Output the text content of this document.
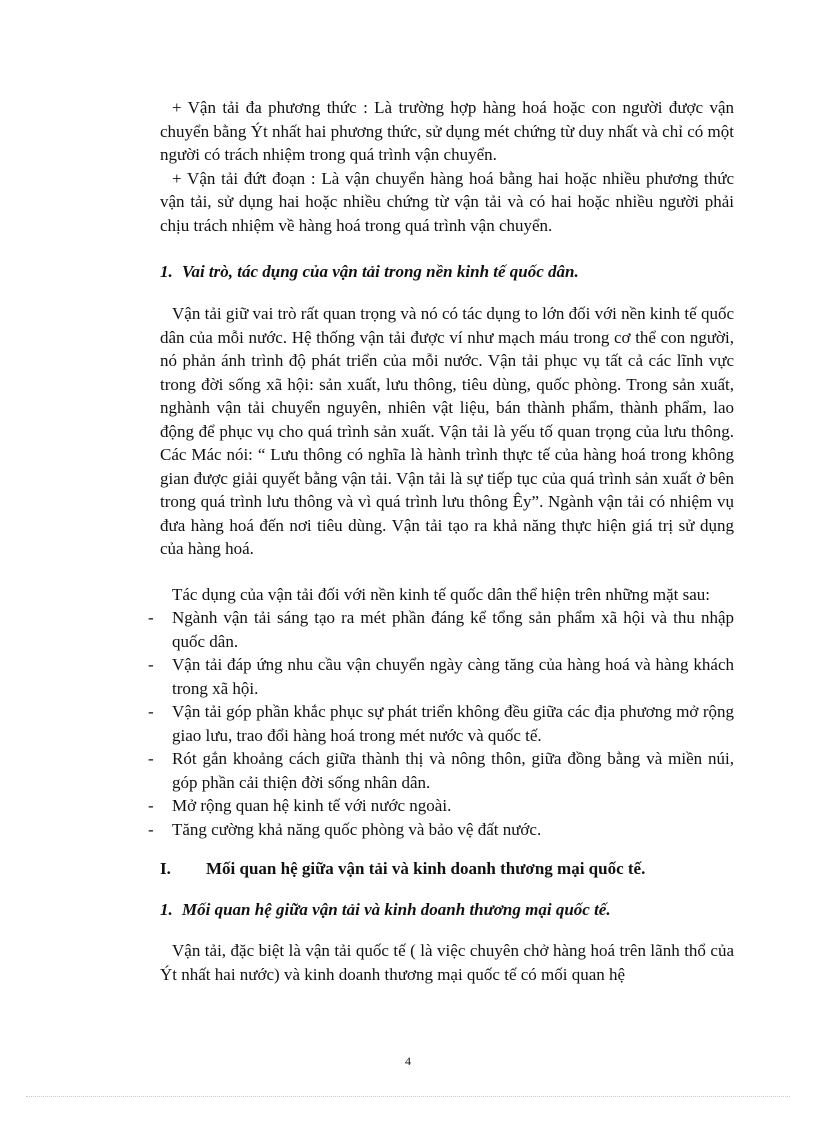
+ Vận tải đa phương thức : Là trường hợp hàng hoá hoặc con người được vận chuyển bằng Ýt nhất hai phương thức, sử dụng mét chứng từ duy nhất và chỉ có một người có trách nhiệm trong quá trình vận chuyển.

+ Vận tải đứt đoạn : Là vận chuyển hàng hoá bằng hai hoặc nhiều phương thức vận tải, sử dụng hai hoặc nhiều chứng từ vận tải và có hai hoặc nhiều người phải chịu trách nhiệm về hàng hoá trong quá trình vận chuyển.

1. Vai trò, tác dụng của vận tải trong nền kinh tế quốc dân.

Vận tải giữ vai trò rất quan trọng và nó có tác dụng to lớn đối với nền kinh tế quốc dân của mỗi nước. Hệ thống vận tải được ví như mạch máu trong cơ thể con người, nó phản ánh trình độ phát triển của mỗi nước. Vận tải phục vụ tất cả các lĩnh vực trong đời sống xã hội: sản xuất, lưu thông, tiêu dùng, quốc phòng. Trong sản xuất, nghành vận tải chuyển nguyên, nhiên vật liệu, bán thành phẩm, thành phẩm, lao động để phục vụ cho quá trình sản xuất. Vận tải là yếu tố quan trọng của lưu thông. Các Mác nói: “ Lưu thông có nghĩa là hành trình thực tế của hàng hoá trong không gian được giải quyết bằng vận tải. Vận tải là sự tiếp tục của quá trình sản xuất ở bên trong quá trình lưu thông và vì quá trình lưu thông Êy”. Ngành vận tải có nhiệm vụ đưa hàng hoá đến nơi tiêu dùng. Vận tải tạo ra khả năng thực hiện giá trị sử dụng của hàng hoá.

Tác dụng của vận tải đối với nền kinh tế quốc dân thể hiện trên những mặt sau:

-	Ngành vận tải sáng tạo ra mét phần đáng kể tổng sản phẩm xã hội và thu nhập quốc dân.
-	Vận tải đáp ứng nhu cầu vận chuyển ngày càng tăng của hàng hoá và hàng khách trong xã hội.
-	Vận tải góp phần khắc phục sự phát triển không đều giữa các địa phương mở rộng giao lưu, trao đổi hàng hoá trong mét nước và quốc tế.
-	Rót gắn khoảng cách giữa thành thị và nông thôn, giữa đồng bằng và miền núi, góp phần cải thiện đời sống nhân dân.
-	Mở rộng quan hệ kinh tế với nước ngoài.
-	Tăng cường khả năng quốc phòng và bảo vệ đất nước.
I.	Mối quan hệ giữa vận tải và kinh doanh thương mại quốc tế.
1. Mối quan hệ giữa vận tải và kinh doanh thương mại quốc tế.

Vận tải, đặc biệt là vận tải quốc tế ( là việc chuyên chở hàng hoá trên lãnh thổ của Ýt nhất hai nước) và kinh doanh thương mại quốc tế có mối quan hệ

4
